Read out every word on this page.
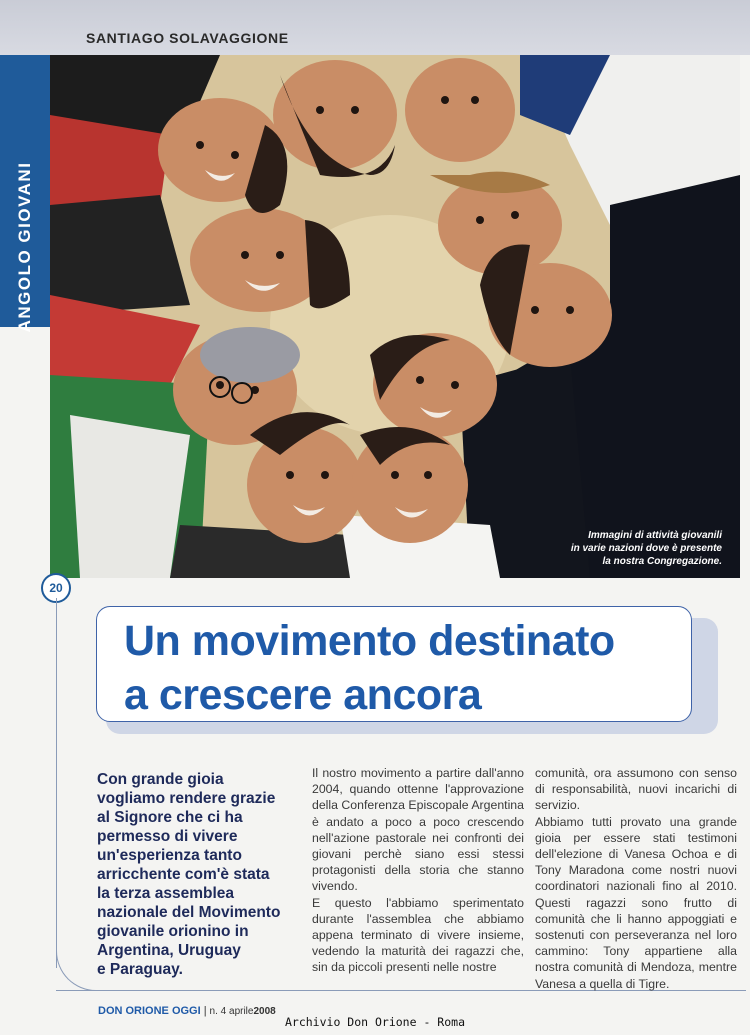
SANTIAGO SOLAVAGGIONE
ANGOLO GIOVANI
Immagini di attività giovanili
in varie nazioni dove è presente
la nostra Congregazione.
20
Un movimento destinato
a crescere ancora
Con grande gioia
vogliamo rendere grazie
al Signore che ci ha
permesso di vivere
un'esperienza tanto
arricchente com'è stata
la terza assemblea
nazionale del Movimento
giovanile orionino in
Argentina, Uruguay
e Paraguay.

Il nostro movimento a partire dall'anno 2004, quando ottenne l'approvazione della Conferenza Episcopale Argentina è andato a poco a poco crescendo nell'azione pastorale nei confronti dei giovani perchè siano essi stessi protagonisti della storia che stanno vivendo.

E questo l'abbiamo sperimentato durante l'assemblea che abbiamo appena terminato di vivere insieme, vedendo la maturità dei ragazzi che, sin da piccoli presenti nelle nostre

comunità, ora assumono con senso di responsabilità, nuovi incarichi di servizio.

Abbiamo tutti provato una grande gioia per essere stati testimoni dell'elezione di Vanesa Ochoa e di Tony Maradona come nostri nuovi coordinatori nazionali fino al 2010. Questi ragazzi sono frutto di comunità che li hanno appoggiati e sostenuti con perseveranza nel loro cammino: Tony appartiene alla nostra comunità di Mendoza, mentre Vanesa a quella di Tigre.

DON ORIONE OGGI | n. 4 aprile2008
Archivio Don Orione - Roma
